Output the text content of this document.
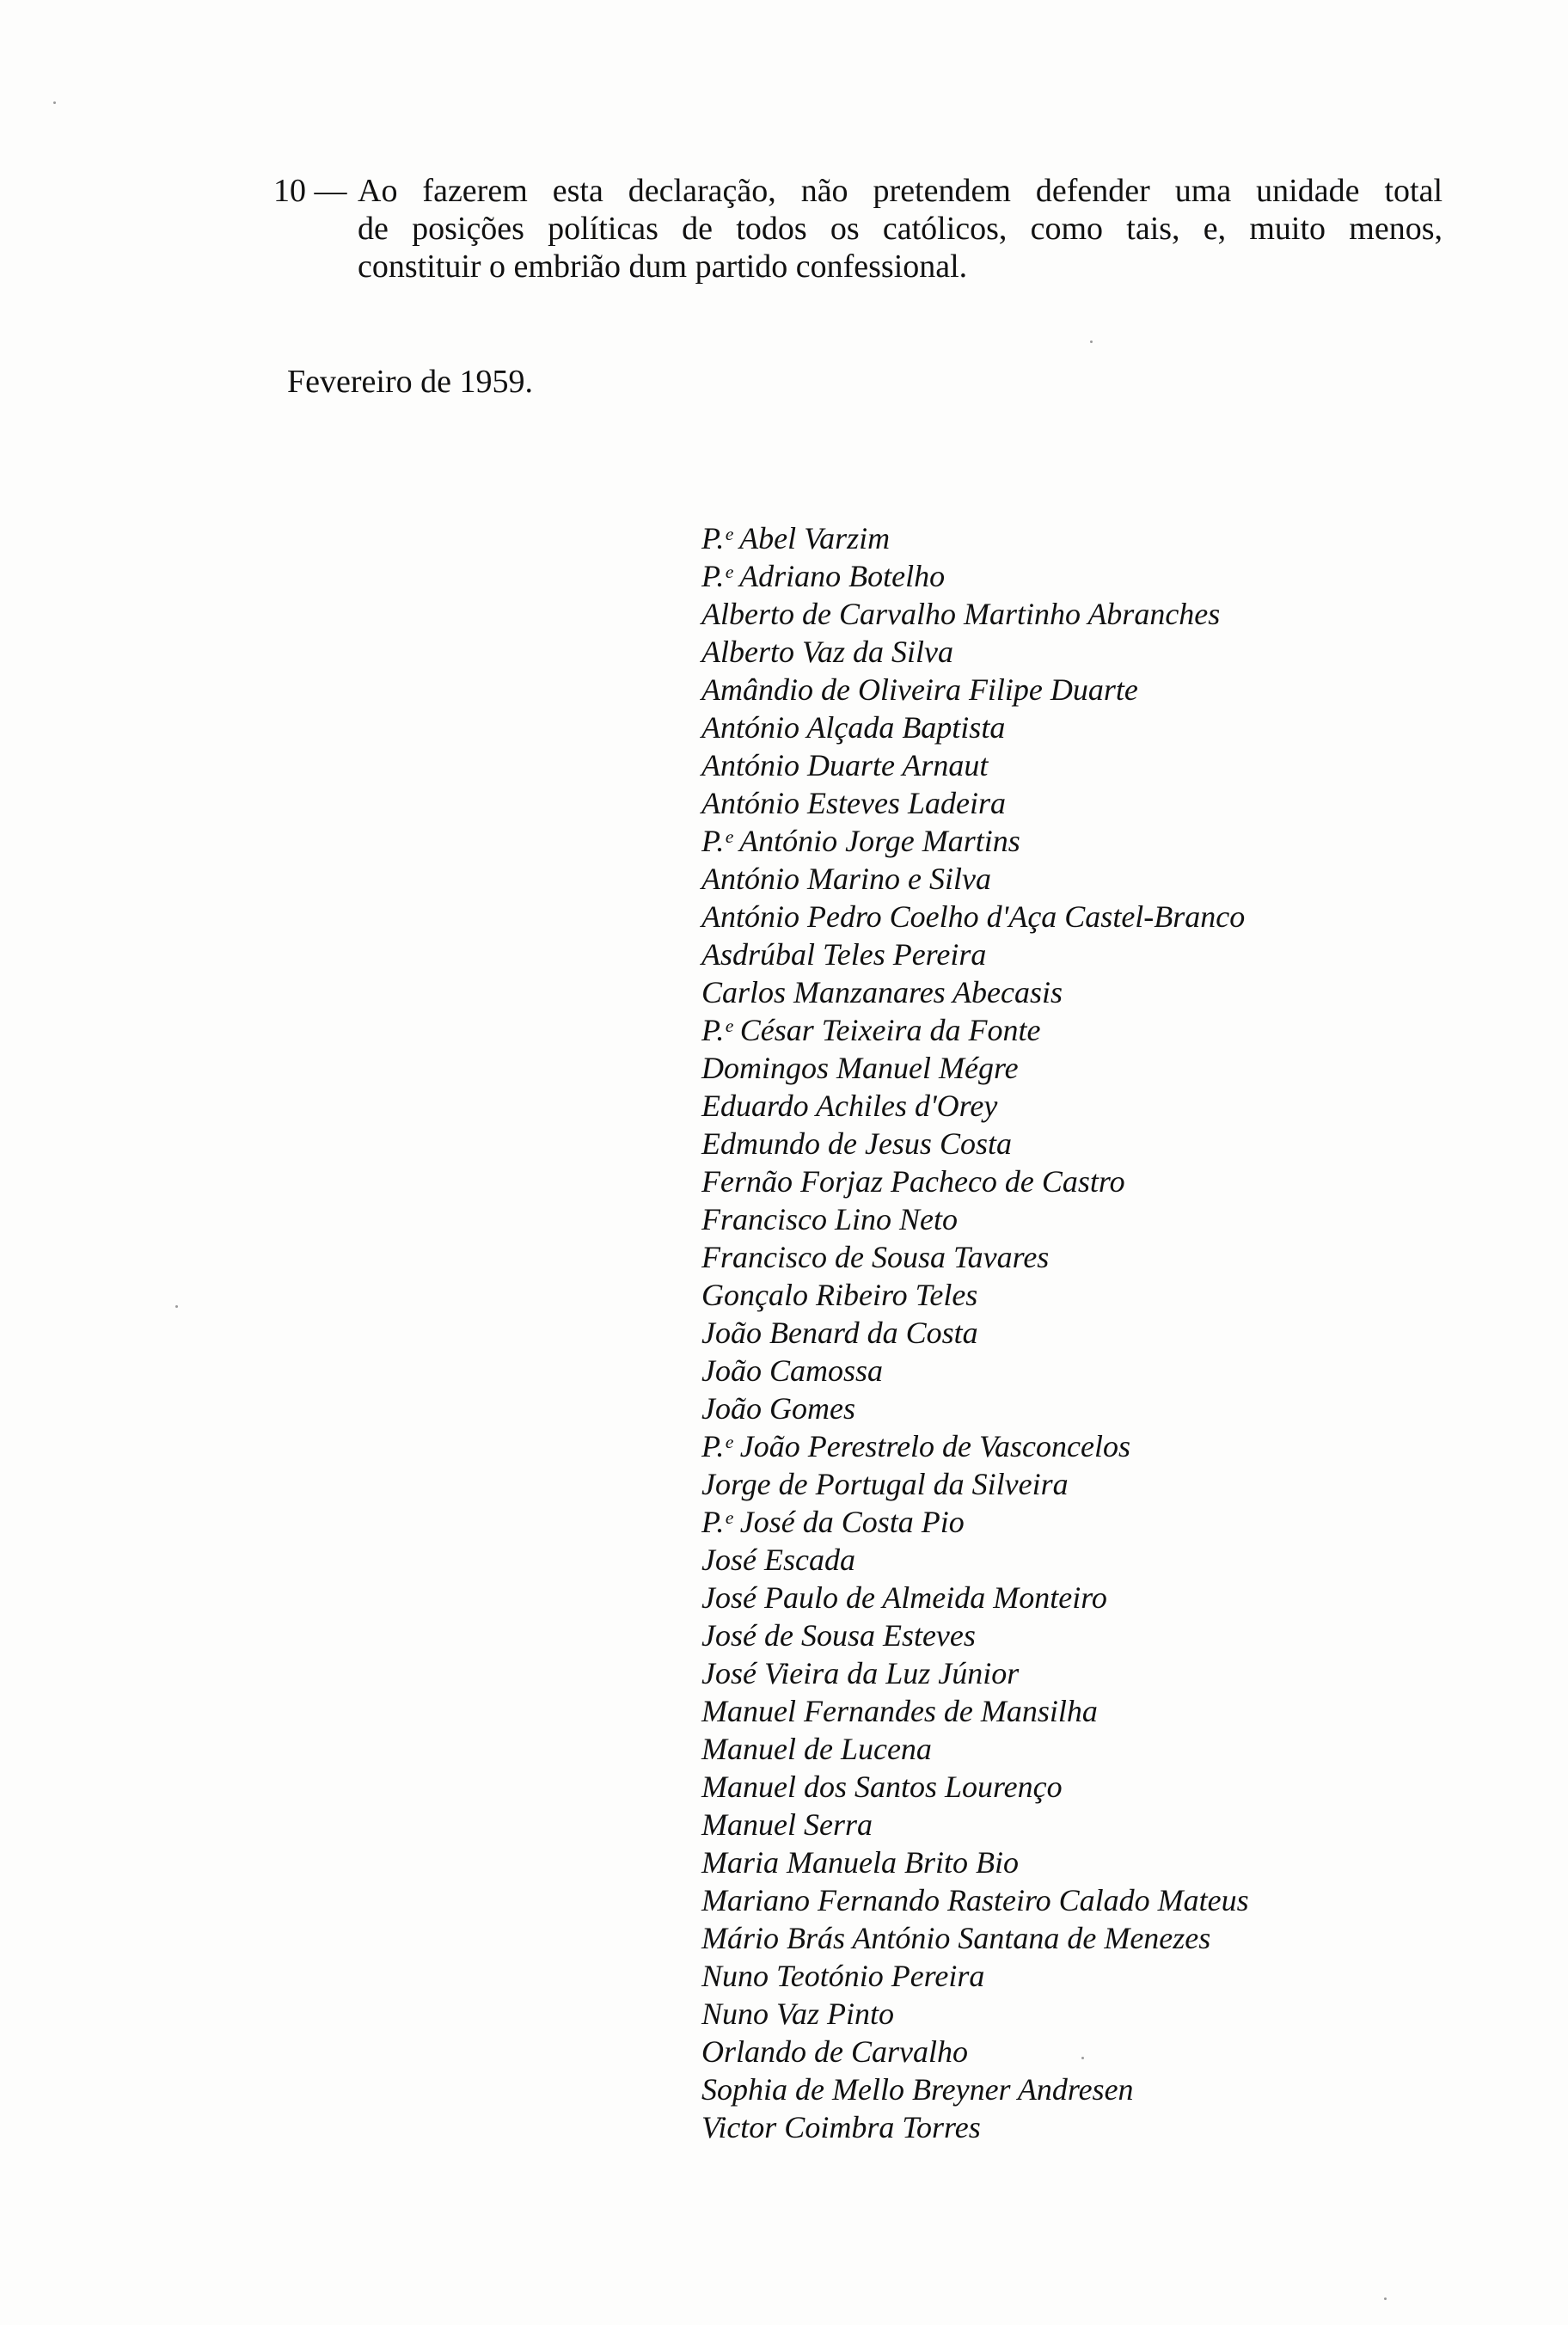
10 — Ao fazerem esta declaração, não pretendem defender uma unidade total
de posições políticas de todos os católicos, como tais, e, muito menos,
constituir o embrião dum partido confessional.
Fevereiro de 1959.
P.ᵉ Abel Varzim
P.ᵉ Adriano Botelho
Alberto de Carvalho Martinho Abranches
Alberto Vaz da Silva
Amândio de Oliveira Filipe Duarte
António Alçada Baptista
António Duarte Arnaut
António Esteves Ladeira
P.ᵉ António Jorge Martins
António Marino e Silva
António Pedro Coelho d'Aça Castel-Branco
Asdrúbal Teles Pereira
Carlos Manzanares Abecasis
P.ᵉ César Teixeira da Fonte
Domingos Manuel Mégre
Eduardo Achiles d'Orey
Edmundo de Jesus Costa
Fernão Forjaz Pacheco de Castro
Francisco Lino Neto
Francisco de Sousa Tavares
Gonçalo Ribeiro Teles
João Benard da Costa
João Camossa
João Gomes
P.ᵉ João Perestrelo de Vasconcelos
Jorge de Portugal da Silveira
P.ᵉ José da Costa Pio
José Escada
José Paulo de Almeida Monteiro
José de Sousa Esteves
José Vieira da Luz Júnior
Manuel Fernandes de Mansilha
Manuel de Lucena
Manuel dos Santos Lourenço
Manuel Serra
Maria Manuela Brito Bio
Mariano Fernando Rasteiro Calado Mateus
Mário Brás António Santana de Menezes
Nuno Teotónio Pereira
Nuno Vaz Pinto
Orlando de Carvalho
Sophia de Mello Breyner Andresen
Victor Coimbra Torres
